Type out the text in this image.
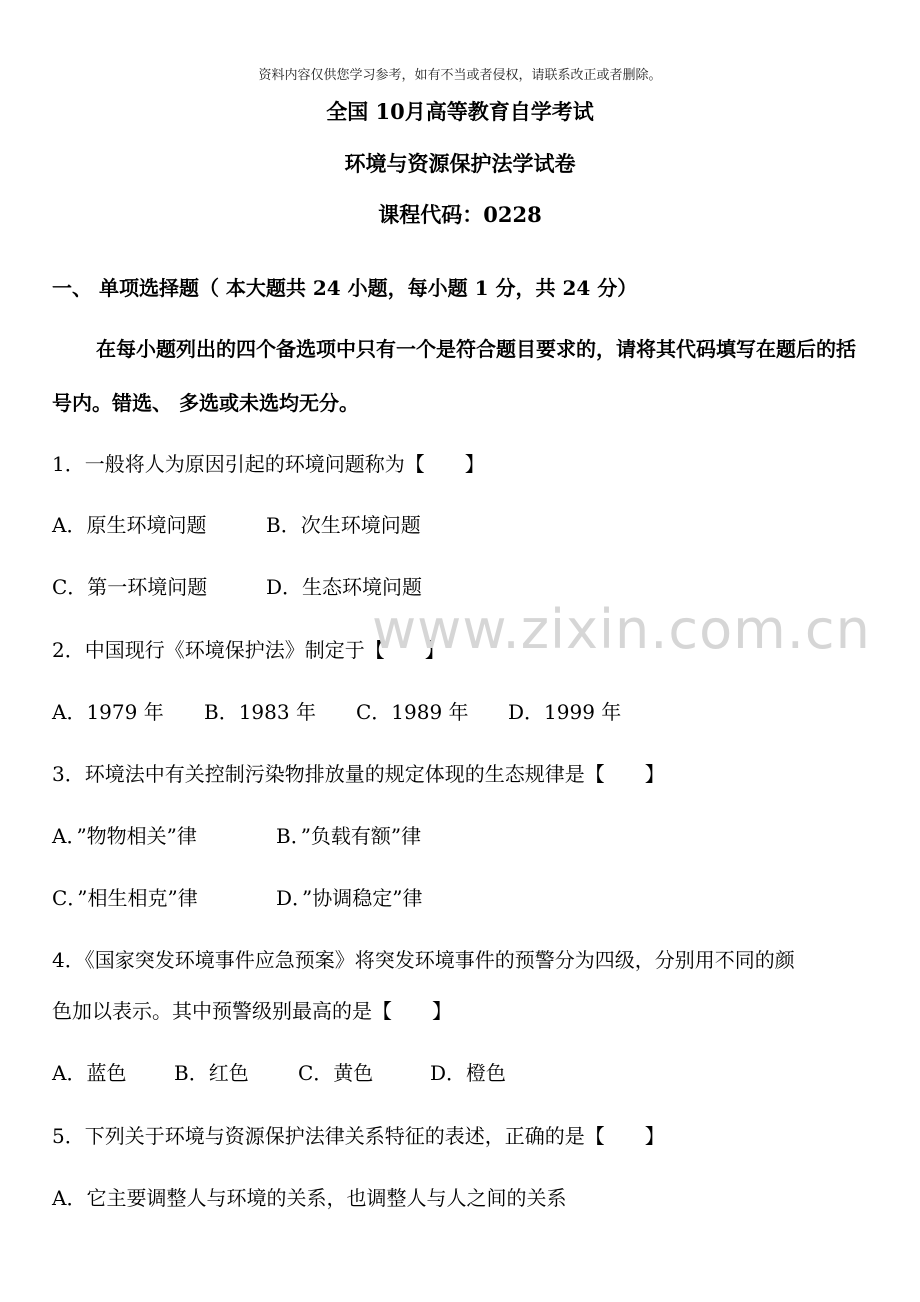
资料内容仅供您学习参考，如有不当或者侵权，请联系改正或者删除。
全国 10月高等教育自学考试
环境与资源保护法学试卷
课程代码：0228
一、 单项选择题（ 本大题共 24 小题，每小题 1 分，共 24 分）
在每小题列出的四个备选项中只有一个是符合题目要求的，请将其代码填写在题后的括号内。错选、 多选或未选均无分。
1．一般将人为原因引起的环境问题称为【　　】
A．原生环境问题	B．次生环境问题
C．第一环境问题	D．生态环境问题
2．中国现行《环境保护法》制定于【　　】
A．1979 年 B．1983 年 C．1989 年 D．1999 年
3．环境法中有关控制污染物排放量的规定体现的生态规律是【　　】
A．”物物相关”律	B．”负载有额”律
C．”相生相克”律	D．”协调稳定”律
4．《国家突发环境事件应急预案》将突发环境事件的预警分为四级，分别用不同的颜
色加以表示。其中预警级别最高的是【　　】
A．蓝色 B．红色 C．黄色	D．橙色
5．下列关于环境与资源保护法律关系特征的表述，正确的是【　　】
A．它主要调整人与环境的关系，也调整人与人之间的关系
www.zixin.com.cn
